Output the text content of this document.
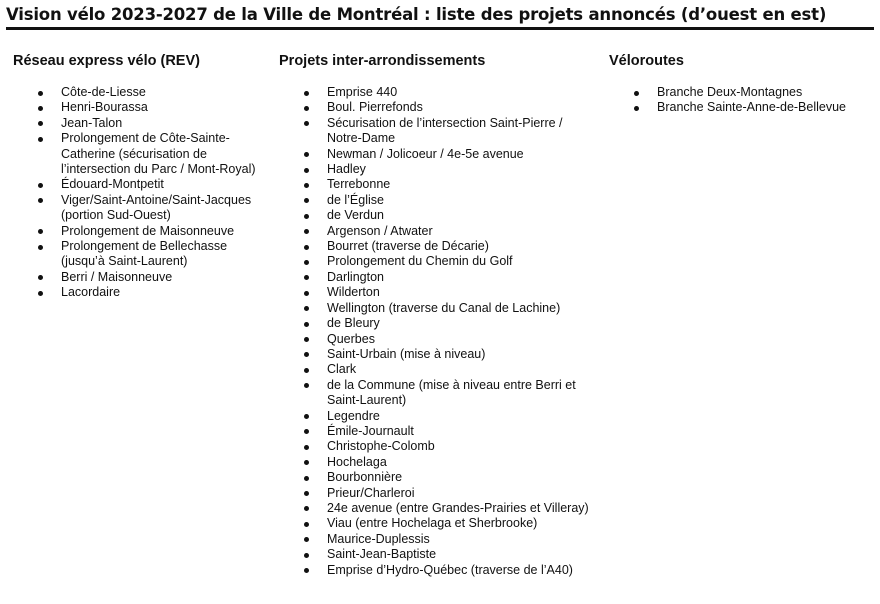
Vision vélo 2023-2027 de la Ville de Montréal : liste des projets annoncés (d’ouest en est)
Réseau express vélo (REV)
Côte-de-Liesse
Henri-Bourassa
Jean-Talon
Prolongement de Côte-Sainte-Catherine (sécurisation de l’intersection du Parc / Mont-Royal)
Édouard-Montpetit
Viger/Saint-Antoine/Saint-Jacques (portion Sud-Ouest)
Prolongement de Maisonneuve
Prolongement de Bellechasse (jusqu’à Saint-Laurent)
Berri / Maisonneuve
Lacordaire
Projets inter-arrondissements
Emprise 440
Boul. Pierrefonds
Sécurisation de l’intersection Saint-Pierre / Notre-Dame
Newman / Jolicoeur / 4e-5e avenue
Hadley
Terrebonne
de l’Église
de Verdun
Argenson / Atwater
Bourret (traverse de Décarie)
Prolongement du Chemin du Golf
Darlington
Wilderton
Wellington (traverse du Canal de Lachine)
de Bleury
Querbes
Saint-Urbain (mise à niveau)
Clark
de la Commune (mise à niveau entre Berri et Saint-Laurent)
Legendre
Émile-Journault
Christophe-Colomb
Hochelaga
Bourbonnière
Prieur/Charleroi
24e avenue (entre Grandes-Prairies et Villeray)
Viau (entre Hochelaga et Sherbrooke)
Maurice-Duplessis
Saint-Jean-Baptiste
Emprise d’Hydro-Québec (traverse de l’A40)
Véloroutes
Branche Deux-Montagnes
Branche Sainte-Anne-de-Bellevue
